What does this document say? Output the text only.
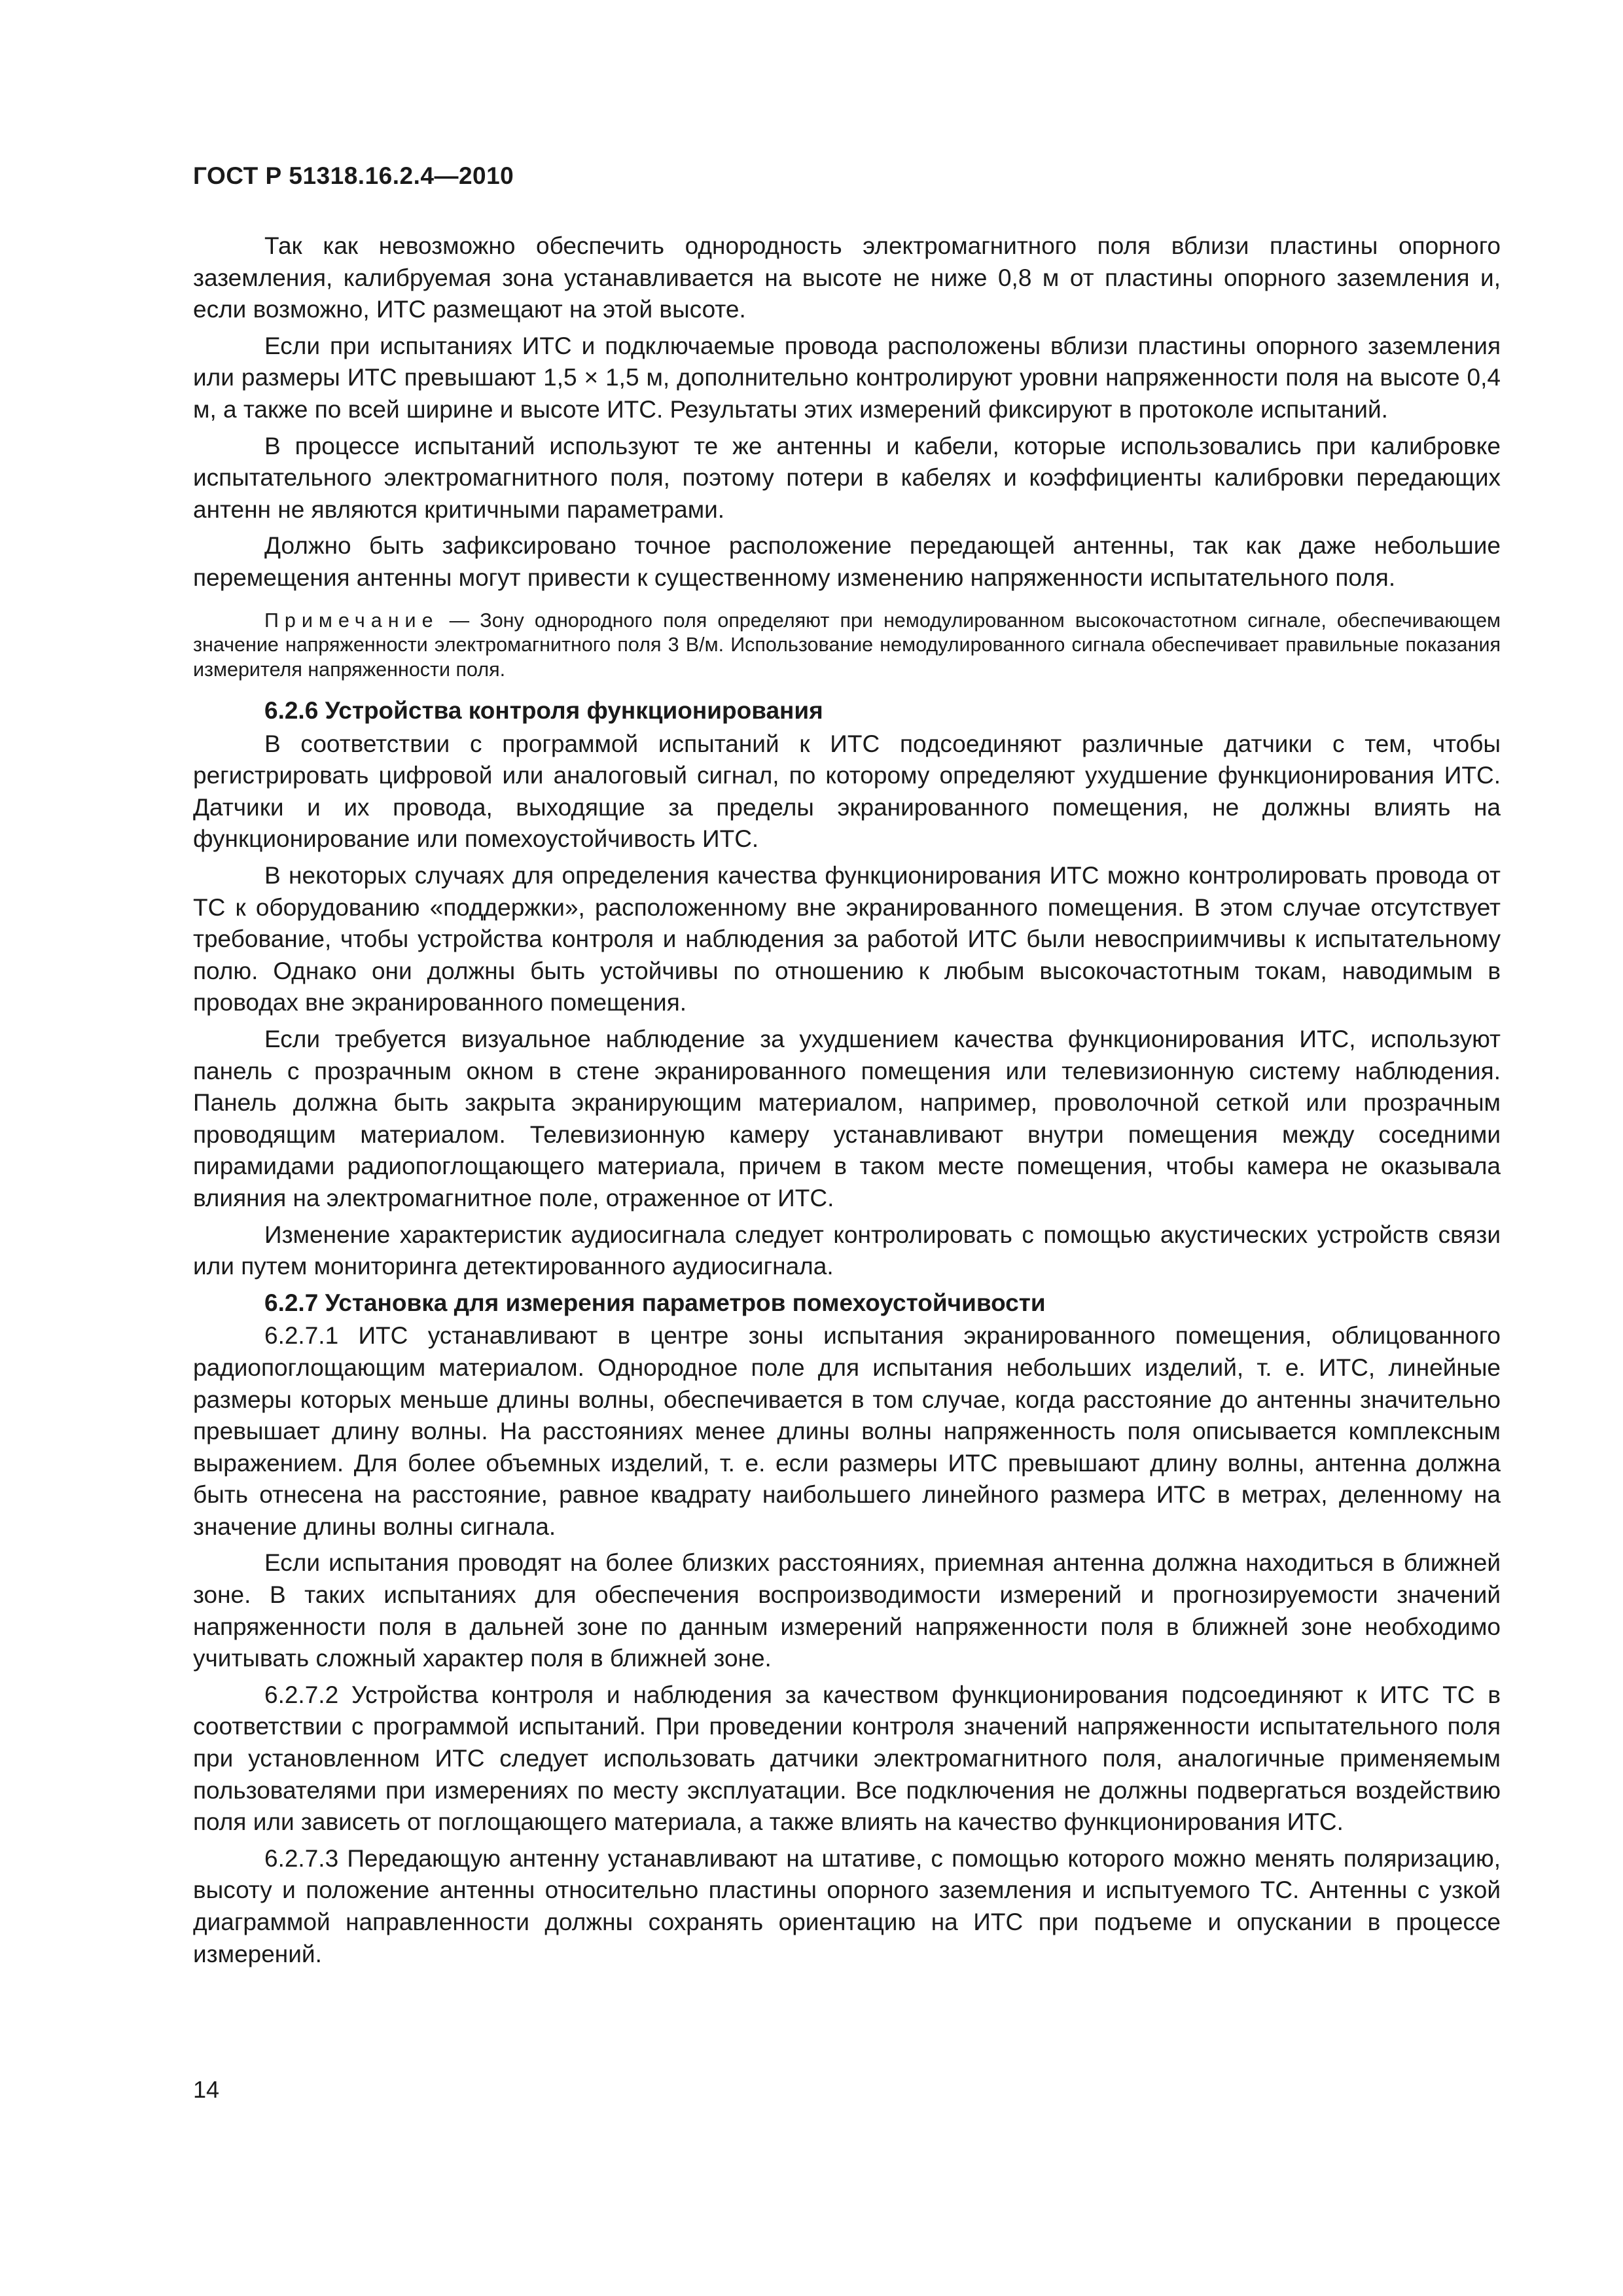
ГОСТ Р 51318.16.2.4—2010

Так как невозможно обеспечить однородность электромагнитного поля вблизи пластины опорного заземления, калибруемая зона устанавливается на высоте не ниже 0,8 м от пластины опорного заземления и, если возможно, ИТС размещают на этой высоте.

Если при испытаниях ИТС и подключаемые провода расположены вблизи пластины опорного заземления или размеры ИТС превышают 1,5 × 1,5 м, дополнительно контролируют уровни напряженности поля на высоте 0,4 м, а также по всей ширине и высоте ИТС. Результаты этих измерений фиксируют в протоколе испытаний.

В процессе испытаний используют те же антенны и кабели, которые использовались при калибровке испытательного электромагнитного поля, поэтому потери в кабелях и коэффициенты калибровки передающих антенн не являются критичными параметрами.

Должно быть зафиксировано точное расположение передающей антенны, так как даже небольшие перемещения антенны могут привести к существенному изменению напряженности испытательного поля.

Примечание — Зону однородного поля определяют при немодулированном высокочастотном сигнале, обеспечивающем значение напряженности электромагнитного поля 3 В/м. Использование немодулированного сигнала обеспечивает правильные показания измерителя напряженности поля.

6.2.6 Устройства контроля функционирования

В соответствии с программой испытаний к ИТС подсоединяют различные датчики с тем, чтобы регистрировать цифровой или аналоговый сигнал, по которому определяют ухудшение функционирования ИТС. Датчики и их провода, выходящие за пределы экранированного помещения, не должны влиять на функционирование или помехоустойчивость ИТС.

В некоторых случаях для определения качества функционирования ИТС можно контролировать провода от ТС к оборудованию «поддержки», расположенному вне экранированного помещения. В этом случае отсутствует требование, чтобы устройства контроля и наблюдения за работой ИТС были невосприимчивы к испытательному полю. Однако они должны быть устойчивы по отношению к любым высокочастотным токам, наводимым в проводах вне экранированного помещения.

Если требуется визуальное наблюдение за ухудшением качества функционирования ИТС, используют панель с прозрачным окном в стене экранированного помещения или телевизионную систему наблюдения. Панель должна быть закрыта экранирующим материалом, например, проволочной сеткой или прозрачным проводящим материалом. Телевизионную камеру устанавливают внутри помещения между соседними пирамидами радиопоглощающего материала, причем в таком месте помещения, чтобы камера не оказывала влияния на электромагнитное поле, отраженное от ИТС.

Изменение характеристик аудиосигнала следует контролировать с помощью акустических устройств связи или путем мониторинга детектированного аудиосигнала.

6.2.7 Установка для измерения параметров помехоустойчивости

6.2.7.1 ИТС устанавливают в центре зоны испытания экранированного помещения, облицованного радиопоглощающим материалом. Однородное поле для испытания небольших изделий, т. е. ИТС, линейные размеры которых меньше длины волны, обеспечивается в том случае, когда расстояние до антенны значительно превышает длину волны. На расстояниях менее длины волны напряженность поля описывается комплексным выражением. Для более объемных изделий, т. е. если размеры ИТС превышают длину волны, антенна должна быть отнесена на расстояние, равное квадрату наибольшего линейного размера ИТС в метрах, деленному на значение длины волны сигнала.

Если испытания проводят на более близких расстояниях, приемная антенна должна находиться в ближней зоне. В таких испытаниях для обеспечения воспроизводимости измерений и прогнозируемости значений напряженности поля в дальней зоне по данным измерений напряженности поля в ближней зоне необходимо учитывать сложный характер поля в ближней зоне.

6.2.7.2 Устройства контроля и наблюдения за качеством функционирования подсоединяют к ИТС ТС в соответствии с программой испытаний. При проведении контроля значений напряженности испытательного поля при установленном ИТС следует использовать датчики электромагнитного поля, аналогичные применяемым пользователями при измерениях по месту эксплуатации. Все подключения не должны подвергаться воздействию поля или зависеть от поглощающего материала, а также влиять на качество функционирования ИТС.

6.2.7.3 Передающую антенну устанавливают на штативе, с помощью которого можно менять поляризацию, высоту и положение антенны относительно пластины опорного заземления и испытуемого ТС. Антенны с узкой диаграммой направленности должны сохранять ориентацию на ИТС при подъеме и опускании в процессе измерений.

14
